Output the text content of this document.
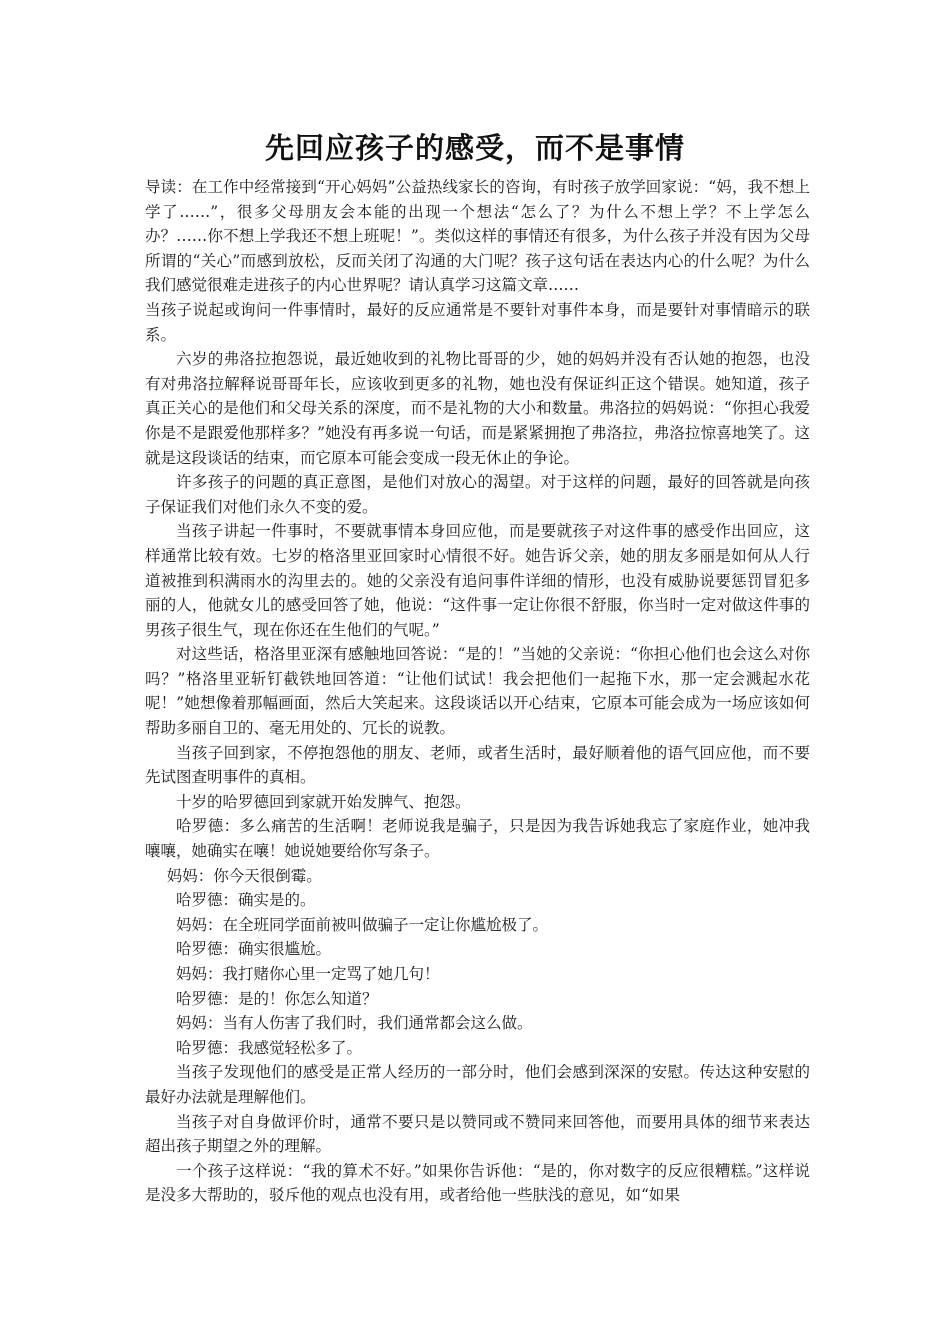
先回应孩子的感受，而不是事情

导读：在工作中经常接到“开心妈妈”公益热线家长的咨询，有时孩子放学回家说：“妈，我不想上学了……”，很多父母朋友会本能的出现一个想法“怎么了？为什么不想上学？不上学怎么办？……你不想上学我还不想上班呢！”。类似这样的事情还有很多，为什么孩子并没有因为父母所谓的“关心”而感到放松，反而关闭了沟通的大门呢？孩子这句话在表达内心的什么呢？为什么我们感觉很难走进孩子的内心世界呢？请认真学习这篇文章……

当孩子说起或询问一件事情时，最好的反应通常是不要针对事件本身，而是要针对事情暗示的联系。

六岁的弗洛拉抱怨说，最近她收到的礼物比哥哥的少，她的妈妈并没有否认她的抱怨，也没有对弗洛拉解释说哥哥年长，应该收到更多的礼物，她也没有保证纠正这个错误。她知道，孩子真正关心的是他们和父母关系的深度，而不是礼物的大小和数量。弗洛拉的妈妈说：“你担心我爱你是不是跟爱他那样多？”她没有再多说一句话，而是紧紧拥抱了弗洛拉，弗洛拉惊喜地笑了。这就是这段谈话的结束，而它原本可能会变成一段无休止的争论。

许多孩子的问题的真正意图，是他们对放心的渴望。对于这样的问题，最好的回答就是向孩子保证我们对他们永久不变的爱。

当孩子讲起一件事时，不要就事情本身回应他，而是要就孩子对这件事的感受作出回应，这样通常比较有效。七岁的格洛里亚回家时心情很不好。她告诉父亲，她的朋友多丽是如何从人行道被推到积满雨水的沟里去的。她的父亲没有追问事件详细的情形，也没有威胁说要惩罚冒犯多丽的人，他就女儿的感受回答了她，他说：“这件事一定让你很不舒服，你当时一定对做这件事的男孩子很生气，现在你还在生他们的气呢。”

对这些话，格洛里亚深有感触地回答说：“是的！”当她的父亲说：“你担心他们也会这么对你吗？”格洛里亚斩钉截铁地回答道：“让他们试试！我会把他们一起拖下水，那一定会溅起水花呢！”她想像着那幅画面，然后大笑起来。这段谈话以开心结束，它原本可能会成为一场应该如何帮助多丽自卫的、毫无用处的、冗长的说教。

当孩子回到家，不停抱怨他的朋友、老师，或者生活时，最好顺着他的语气回应他，而不要先试图查明事件的真相。

十岁的哈罗德回到家就开始发脾气、抱怨。

哈罗德：多么痛苦的生活啊！老师说我是骗子，只是因为我告诉她我忘了家庭作业，她冲我嚷嚷，她确实在嚷！她说她要给你写条子。

妈妈：你今天很倒霉。

哈罗德：确实是的。

妈妈：在全班同学面前被叫做骗子一定让你尴尬极了。

哈罗德：确实很尴尬。

妈妈：我打赌你心里一定骂了她几句！

哈罗德：是的！你怎么知道？

妈妈：当有人伤害了我们时，我们通常都会这么做。

哈罗德：我感觉轻松多了。

当孩子发现他们的感受是正常人经历的一部分时，他们会感到深深的安慰。传达这种安慰的最好办法就是理解他们。

当孩子对自身做评价时，通常不要只是以赞同或不赞同来回答他，而要用具体的细节来表达超出孩子期望之外的理解。

一个孩子这样说：“我的算术不好。”如果你告诉他：“是的，你对数字的反应很糟糕。”这样说是没多大帮助的，驳斥他的观点也没有用，或者给他一些肤浅的意见，如“如果
